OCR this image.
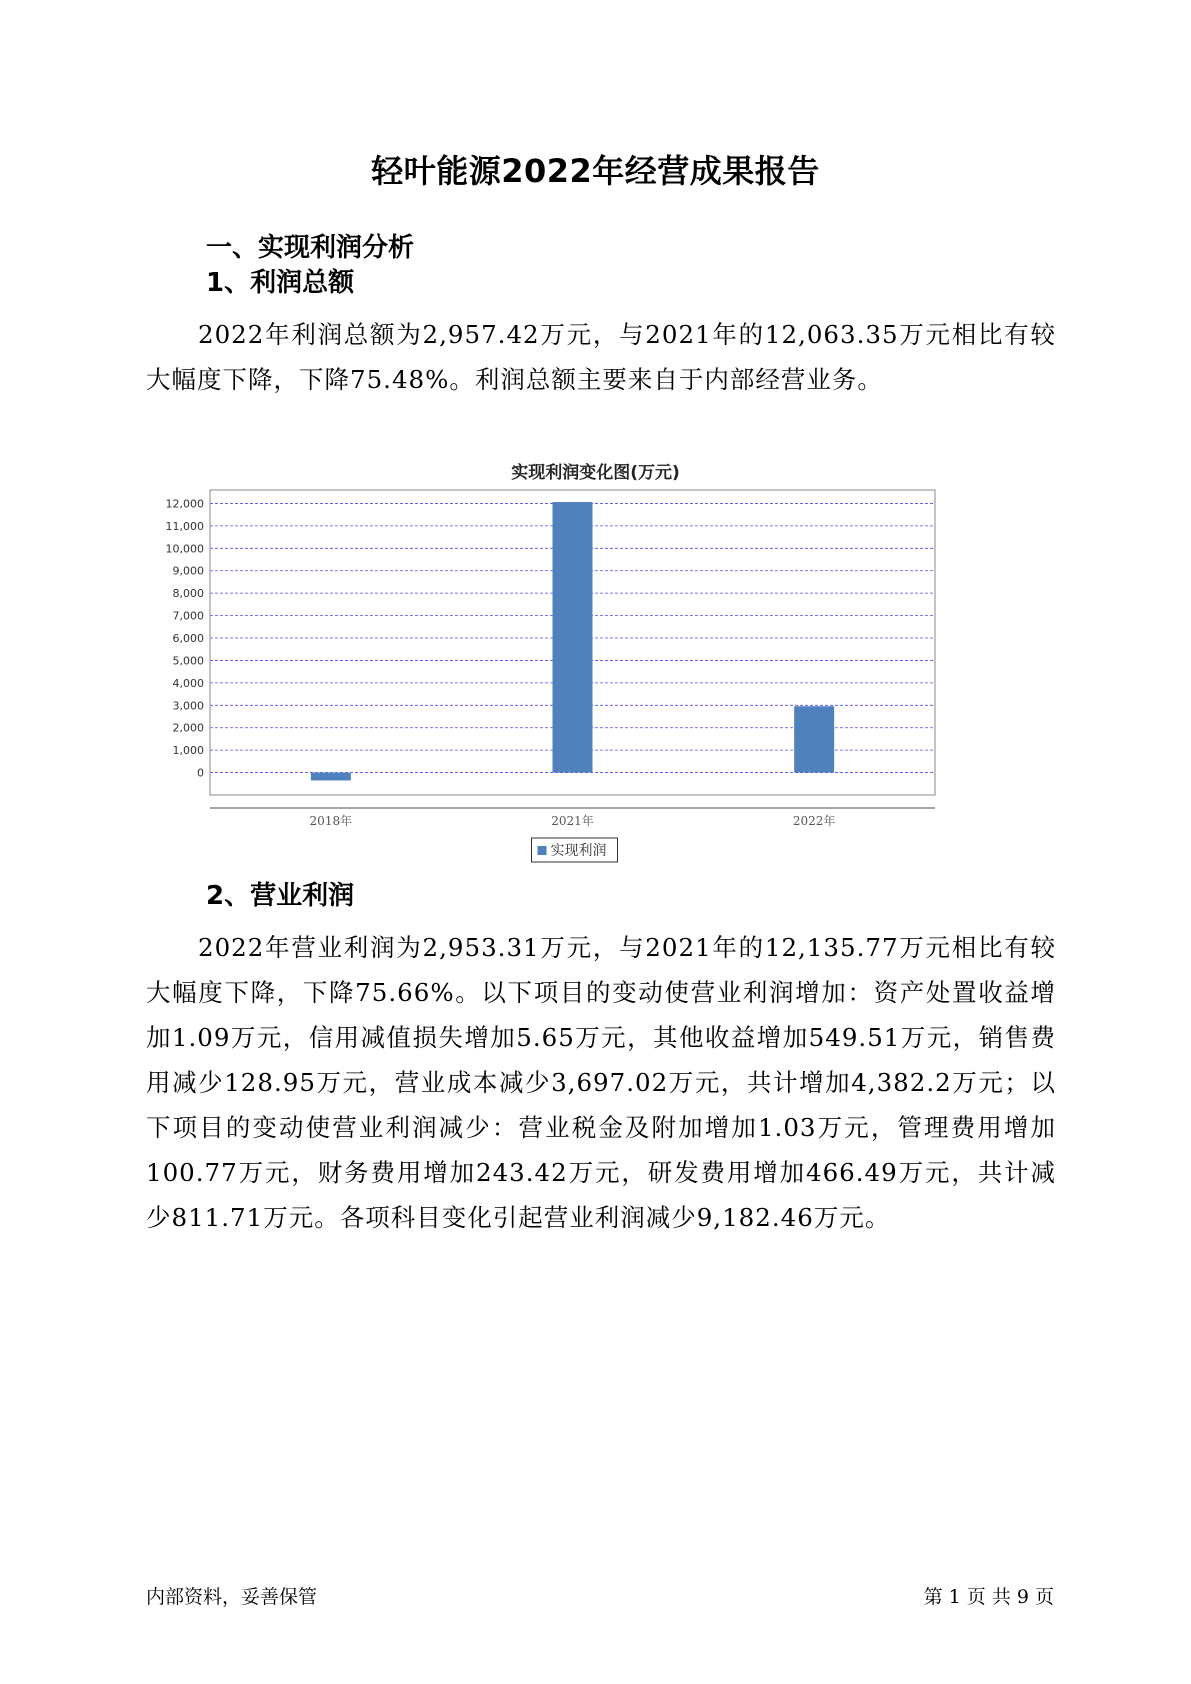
轻叶能源2022年经营成果报告
一、实现利润分析
1、利润总额
2022年利润总额为2,957.42万元，与2021年的12,063.35万元相比有较大幅度下降，下降75.48%。利润总额主要来自于内部经营业务。
实现利润变化图(万元)
0
1,000
2,000
3,000
4,000
5,000
6,000
7,000
8,000
9,000
10,000
11,000
12,000
2018年	2021年	2022年
实现利润
2、营业利润
2022年营业利润为2,953.31万元，与2021年的12,135.77万元相比有较大幅度下降，下降75.66%。以下项目的变动使营业利润增加：资产处置收益增加1.09万元，信用减值损失增加5.65万元，其他收益增加549.51万元，销售费用减少128.95万元，营业成本减少3,697.02万元，共计增加4,382.2万元；以下项目的变动使营业利润减少：营业税金及附加增加1.03万元，管理费用增加100.77万元，财务费用增加243.42万元，研发费用增加466.49万元，共计减少811.71万元。各项科目变化引起营业利润减少9,182.46万元。
内部资料，妥善保管	第 1 页 共 9 页
